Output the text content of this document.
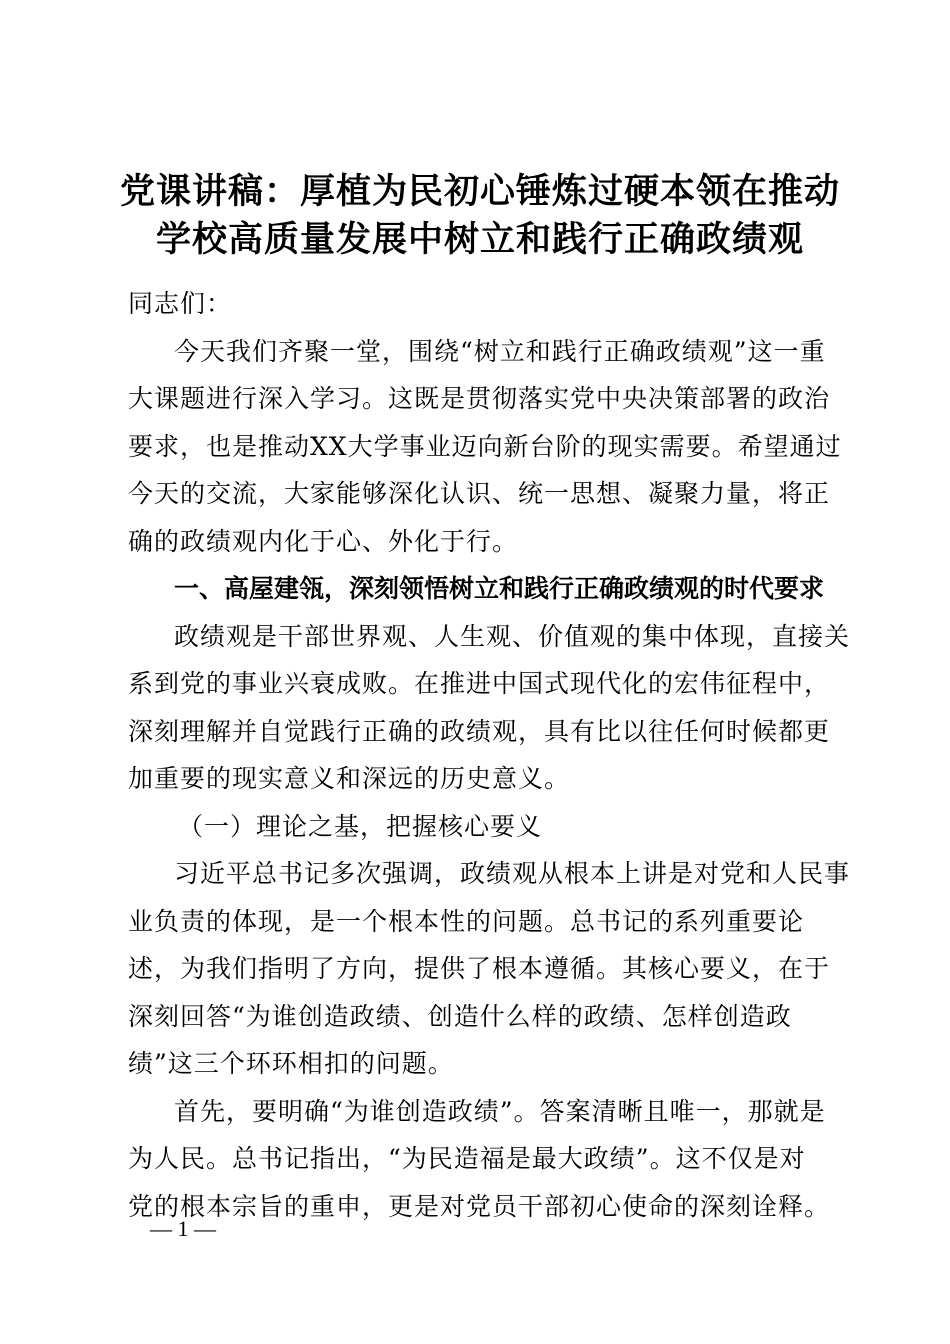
党课讲稿：厚植为民初心锤炼过硬本领在推动
学校高质量发展中树立和践行正确政绩观
同志们：
今天我们齐聚一堂，围绕“树立和践行正确政绩观”这一重
大课题进行深入学习。这既是贯彻落实党中央决策部署的政治
要求，也是推动XX大学事业迈向新台阶的现实需要。希望通过
今天的交流，大家能够深化认识、统一思想、凝聚力量，将正
确的政绩观内化于心、外化于行。
一、高屋建瓴，深刻领悟树立和践行正确政绩观的时代要求
政绩观是干部世界观、人生观、价值观的集中体现，直接关
系到党的事业兴衰成败。在推进中国式现代化的宏伟征程中，
深刻理解并自觉践行正确的政绩观，具有比以往任何时候都更
加重要的现实意义和深远的历史意义。
（一）理论之基，把握核心要义
习近平总书记多次强调，政绩观从根本上讲是对党和人民事
业负责的体现，是一个根本性的问题。总书记的系列重要论
述，为我们指明了方向，提供了根本遵循。其核心要义，在于
深刻回答“为谁创造政绩、创造什么样的政绩、怎样创造政
绩”这三个环环相扣的问题。
首先，要明确“为谁创造政绩”。答案清晰且唯一，那就是
为人民。总书记指出，“为民造福是最大政绩”。这不仅是对
党的根本宗旨的重申，更是对党员干部初心使命的深刻诠释。
— 1 —
